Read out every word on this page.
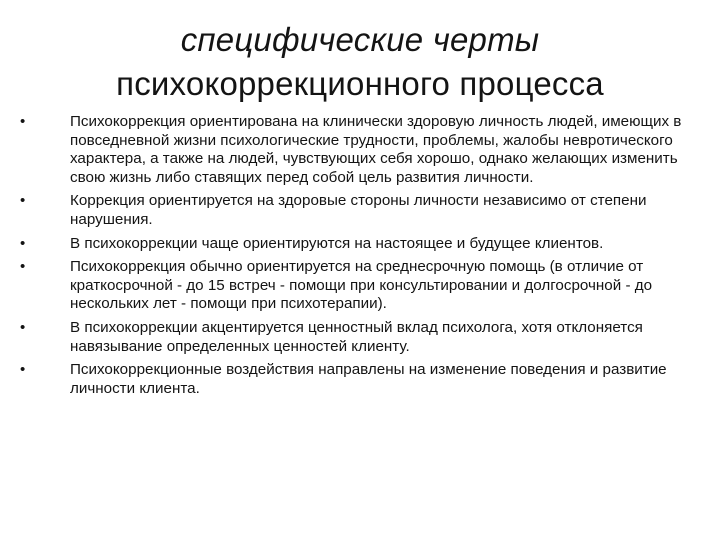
специфические черты
психокоррекционного процесса
•	Психокоррекция ориентирована на клинически здоровую личность людей, имеющих в повседневной жизни психологические трудности, проблемы, жалобы невротического характера, а также на людей, чувствующих себя хорошо, однако желающих изменить свою жизнь либо ставящих перед собой цель развития личности.
•	Коррекция ориентируется на здоровые стороны личности независимо от степени нарушения.
•	В психокоррекции чаще ориентируются на настоящее и будущее клиентов.
•	Психокоррекция обычно ориентируется на среднесрочную помощь (в отличие от краткосрочной - до 15 встреч - помощи при консультировании и долгосрочной - до нескольких лет - помощи при психотерапии).
•	В психокоррекции акцентируется ценностный вклад психолога, хотя отклоняется навязывание определенных ценностей клиенту.
•	Психокоррекционные воздействия направлены на изменение поведения и развитие личности клиента.
